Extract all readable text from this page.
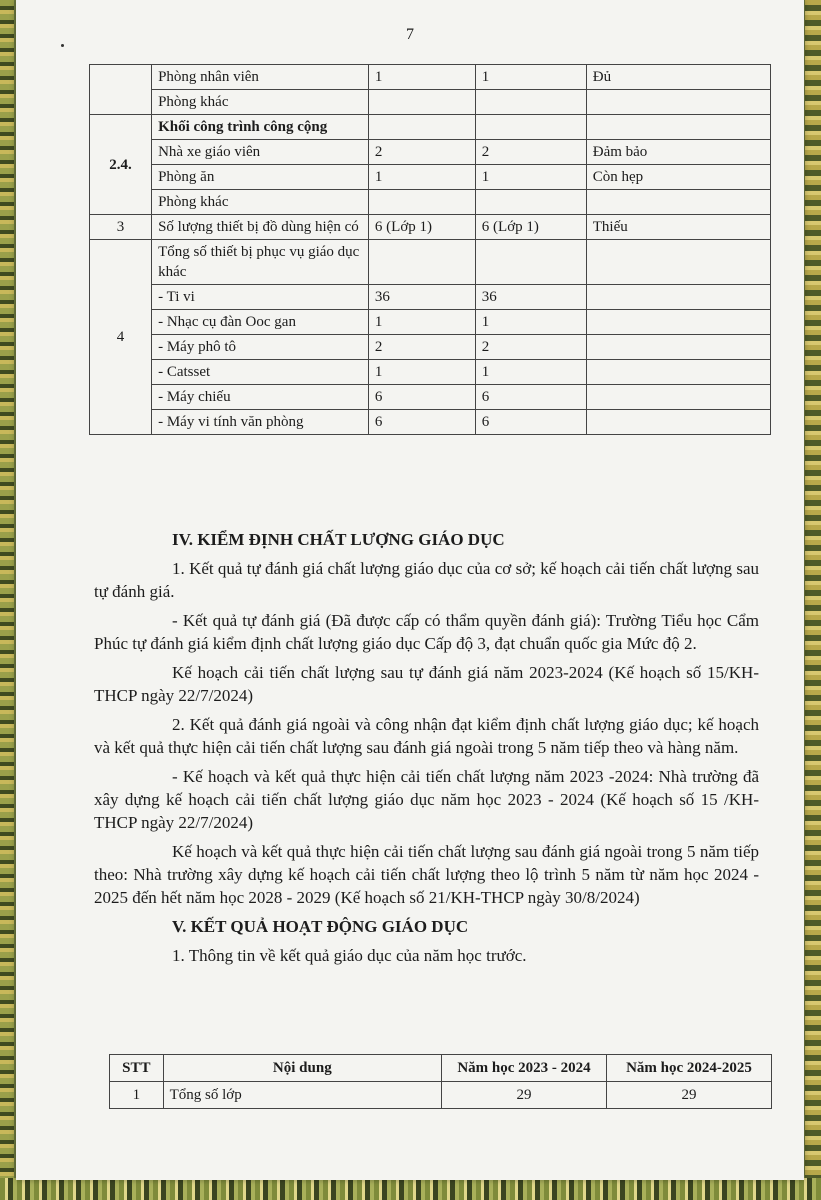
7
	Phòng nhân viên	1	1	Đủ
	Phòng khác			
2.4.	Khối công trình công cộng			
	Nhà xe giáo viên	2	2	Đảm bảo
	Phòng ăn	1	1	Còn hẹp
	Phòng khác			
3	Số lượng thiết bị đồ dùng hiện có	6 (Lớp 1)	6 (Lớp 1)	Thiếu
4	Tổng số thiết bị phục vụ giáo dục khác			
	- Ti vi	36	36	
	- Nhạc cụ đàn Ooc gan	1	1	
	- Máy phô tô	2	2	
	- Catsset	1	1	
	- Máy chiếu	6	6	
	- Máy vi tính văn phòng	6	6	
IV. KIỂM ĐỊNH CHẤT LƯỢNG GIÁO DỤC

1. Kết quả tự đánh giá chất lượng giáo dục của cơ sở; kế hoạch cải tiến chất lượng sau tự đánh giá.

- Kết quả tự đánh giá (Đã được cấp có thẩm quyền đánh giá): Trường Tiểu học Cẩm Phúc tự đánh giá kiểm định chất lượng giáo dục Cấp độ 3, đạt chuẩn quốc gia Mức độ 2.

Kế hoạch cải tiến chất lượng sau tự đánh giá năm 2023-2024 (Kế hoạch số 15/KH-THCP ngày 22/7/2024)

2. Kết quả đánh giá ngoài và công nhận đạt kiểm định chất lượng giáo dục; kế hoạch và kết quả thực hiện cải tiến chất lượng sau đánh giá ngoài trong 5 năm tiếp theo và hàng năm.

- Kế hoạch và kết quả thực hiện cải tiến chất lượng năm 2023 -2024: Nhà trường đã xây dựng kế hoạch cải tiến chất lượng giáo dục năm học 2023 - 2024 (Kế hoạch số 15 /KH-THCP ngày 22/7/2024)

Kế hoạch và kết quả thực hiện cải tiến chất lượng sau đánh giá ngoài trong 5 năm tiếp theo: Nhà trường xây dựng kế hoạch cải tiến chất lượng theo lộ trình 5 năm từ năm học 2024 - 2025 đến hết năm học 2028 - 2029 (Kế hoạch số 21/KH-THCP ngày 30/8/2024)

V. KẾT QUẢ HOẠT ĐỘNG GIÁO DỤC

1. Thông tin về kết quả giáo dục của năm học trước.

STT	Nội dung	Năm học 2023 - 2024	Năm học 2024-2025
1	Tổng số lớp	29	29
